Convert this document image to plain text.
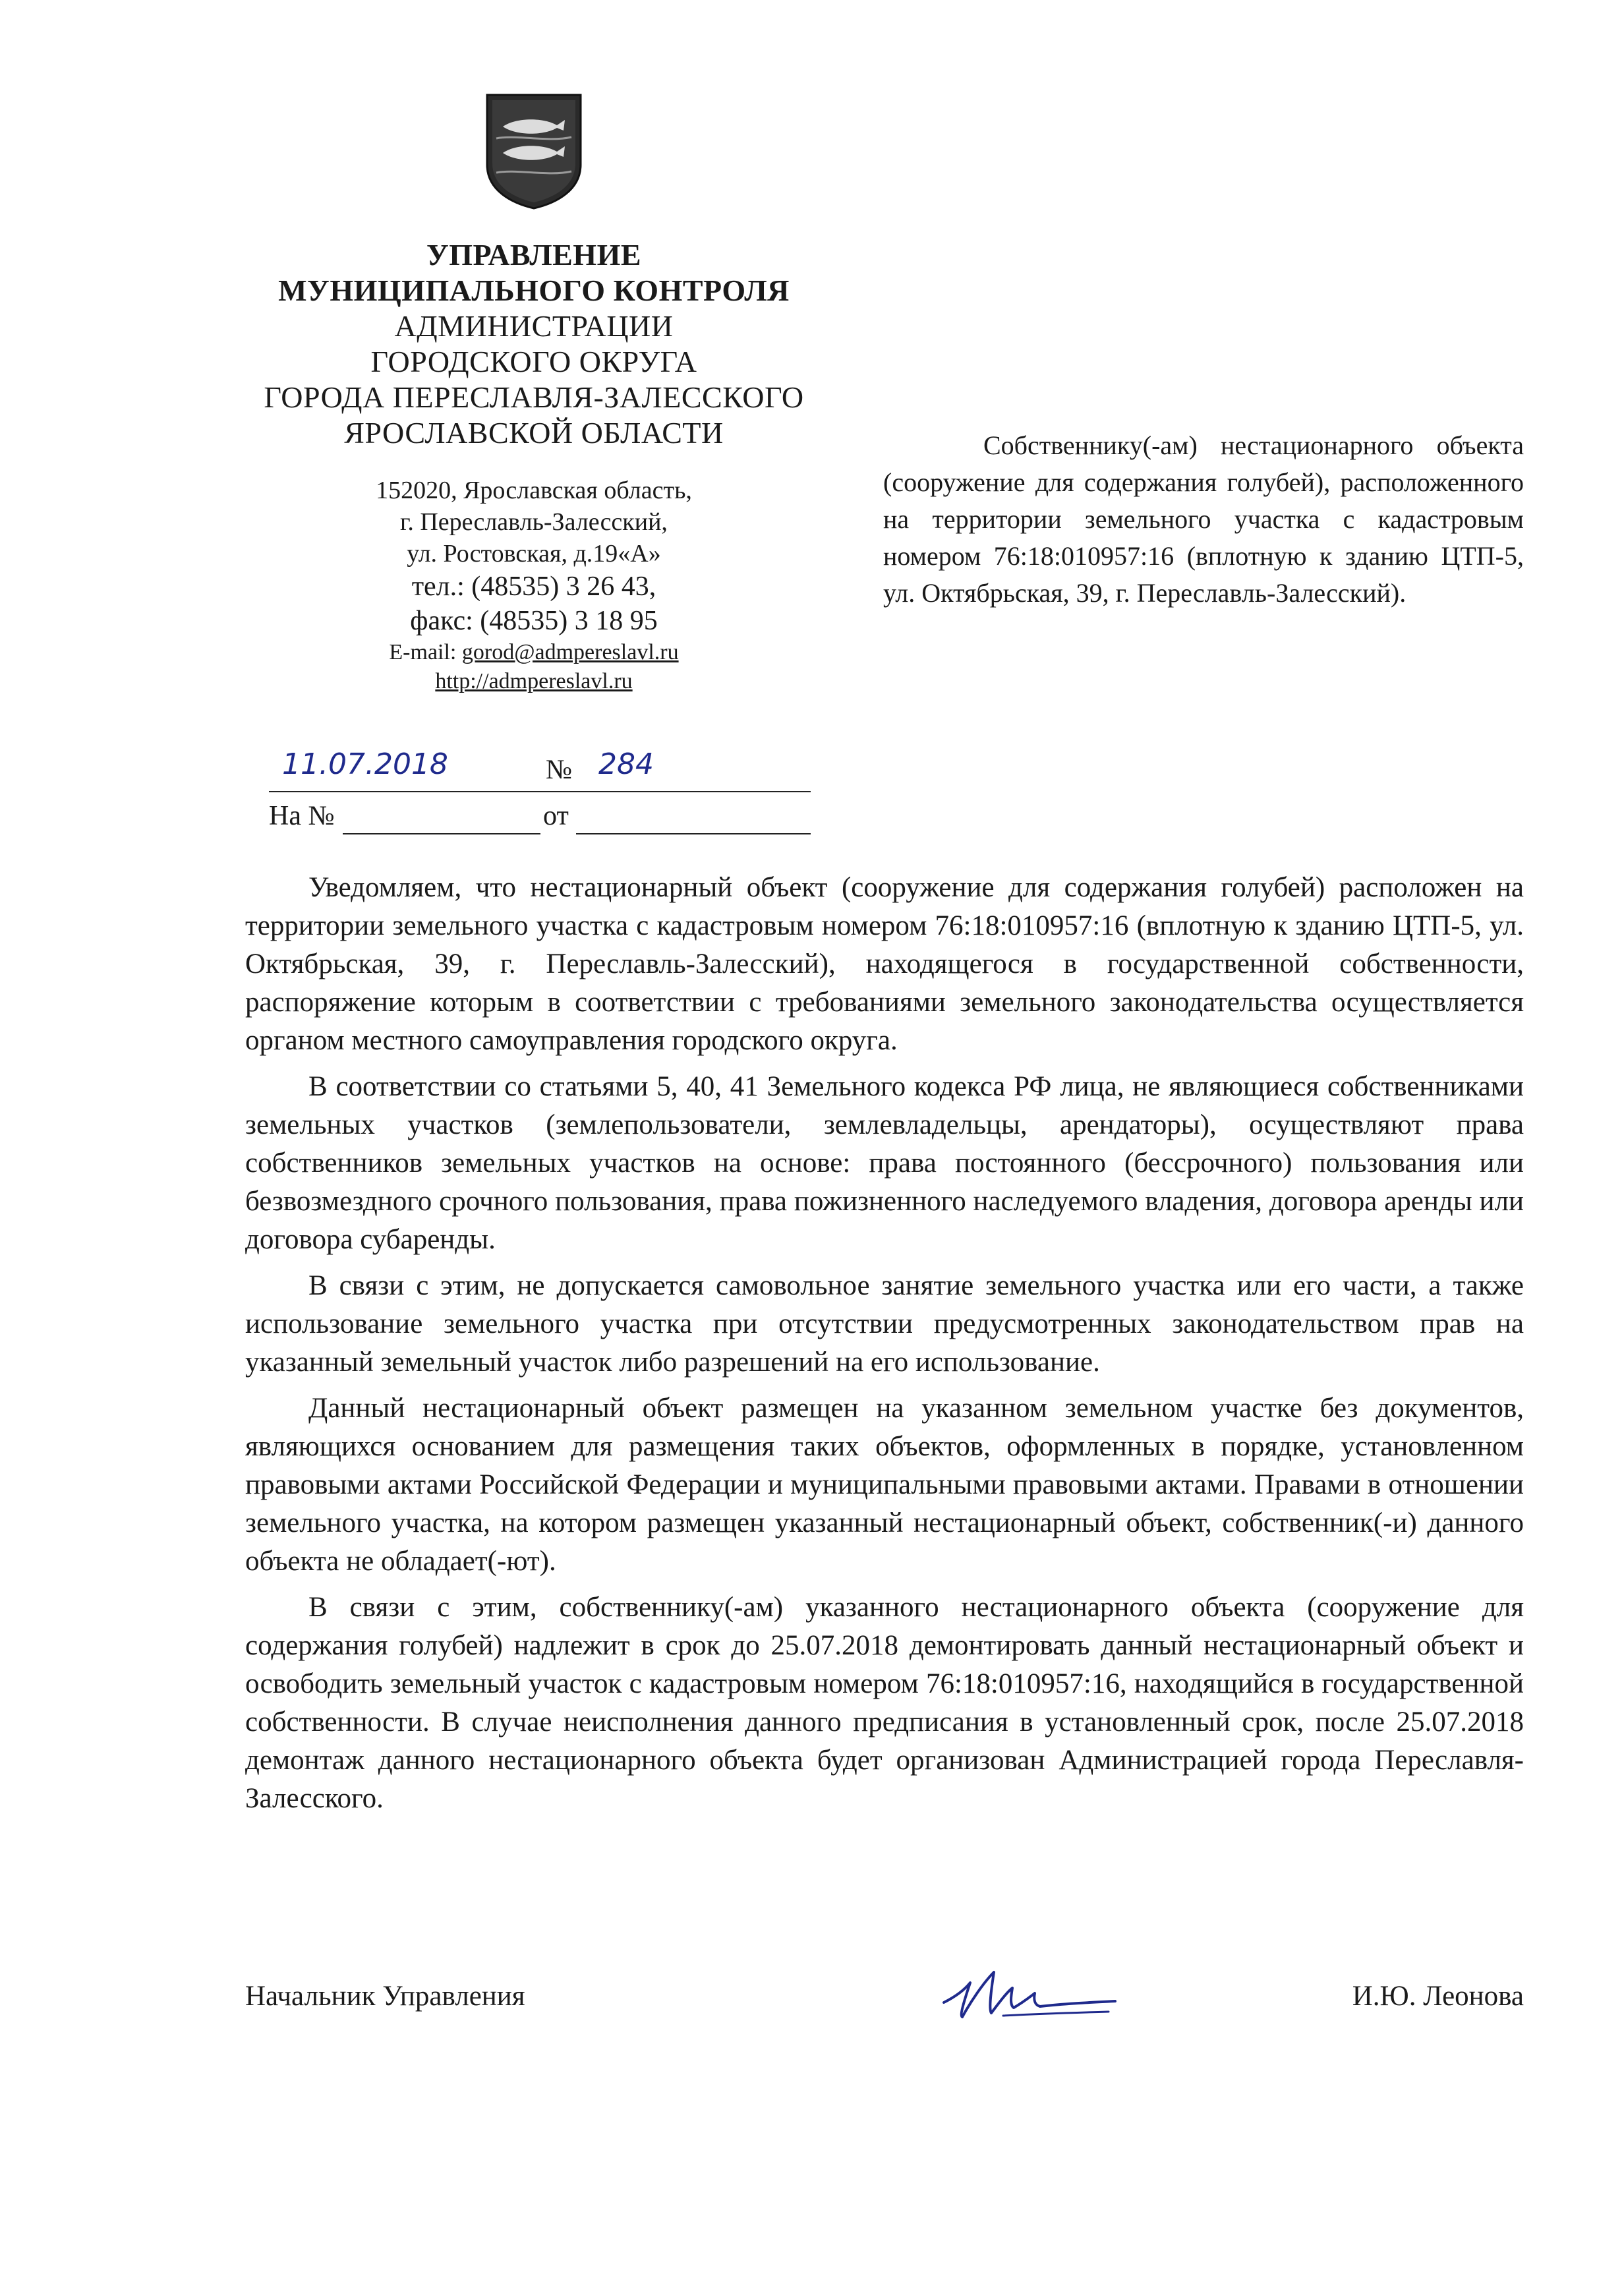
УПРАВЛЕНИЕ
МУНИЦИПАЛЬНОГО КОНТРОЛЯ
АДМИНИСТРАЦИИ
ГОРОДСКОГО ОКРУГА
ГОРОДА ПЕРЕСЛАВЛЯ-ЗАЛЕССКОГО
ЯРОСЛАВСКОЙ ОБЛАСТИ
152020, Ярославская область,
г. Переславль-Залесский,
ул. Ростовская, д.19«А»
тел.: (48535) 3 26 43,
факс: (48535) 3 18 95
E-mail: gorod@admpereslavl.ru
http://admpereslavl.ru
Собственнику(-ам) нестационарного объекта (сооружение для содержания голубей), расположенного на территории земельного участка с кадастровым номером 76:18:010957:16 (вплотную к зданию ЦТП-5, ул. Октябрьская, 39, г. Переславль-Залесский).
11.07.2018	№ 284
На №	от

Уведомляем, что нестационарный объект (сооружение для содержания голубей) расположен на территории земельного участка с кадастровым номером 76:18:010957:16 (вплотную к зданию ЦТП-5, ул. Октябрьская, 39, г. Переславль-Залесский), находящегося в государственной собственности, распоряжение которым в соответствии с требованиями земельного законодательства осуществляется органом местного самоуправления городского округа.

В соответствии со статьями 5, 40, 41 Земельного кодекса РФ лица, не являющиеся собственниками земельных участков (землепользователи, землевладельцы, арендаторы), осуществляют права собственников земельных участков на основе: права постоянного (бессрочного) пользования или безвозмездного срочного пользования, права пожизненного наследуемого владения, договора аренды или договора субаренды.

В связи с этим, не допускается самовольное занятие земельного участка или его части, а также использование земельного участка при отсутствии предусмотренных законодательством прав на указанный земельный участок либо разрешений на его использование.

Данный нестационарный объект размещен на указанном земельном участке без документов, являющихся основанием для размещения таких объектов, оформленных в порядке, установленном правовыми актами Российской Федерации и муниципальными правовыми актами. Правами в отношении земельного участка, на котором размещен указанный нестационарный объект, собственник(-и) данного объекта не обладает(-ют).

В связи с этим, собственнику(-ам) указанного нестационарного объекта (сооружение для содержания голубей) надлежит в срок до 25.07.2018 демонтировать данный нестационарный объект и освободить земельный участок с кадастровым номером 76:18:010957:16, находящийся в государственной собственности. В случае неисполнения данного предписания в установленный срок, после 25.07.2018 демонтаж данного нестационарного объекта будет организован Администрацией города Переславля-Залесского.

Начальник Управления	И.Ю. Леонова
